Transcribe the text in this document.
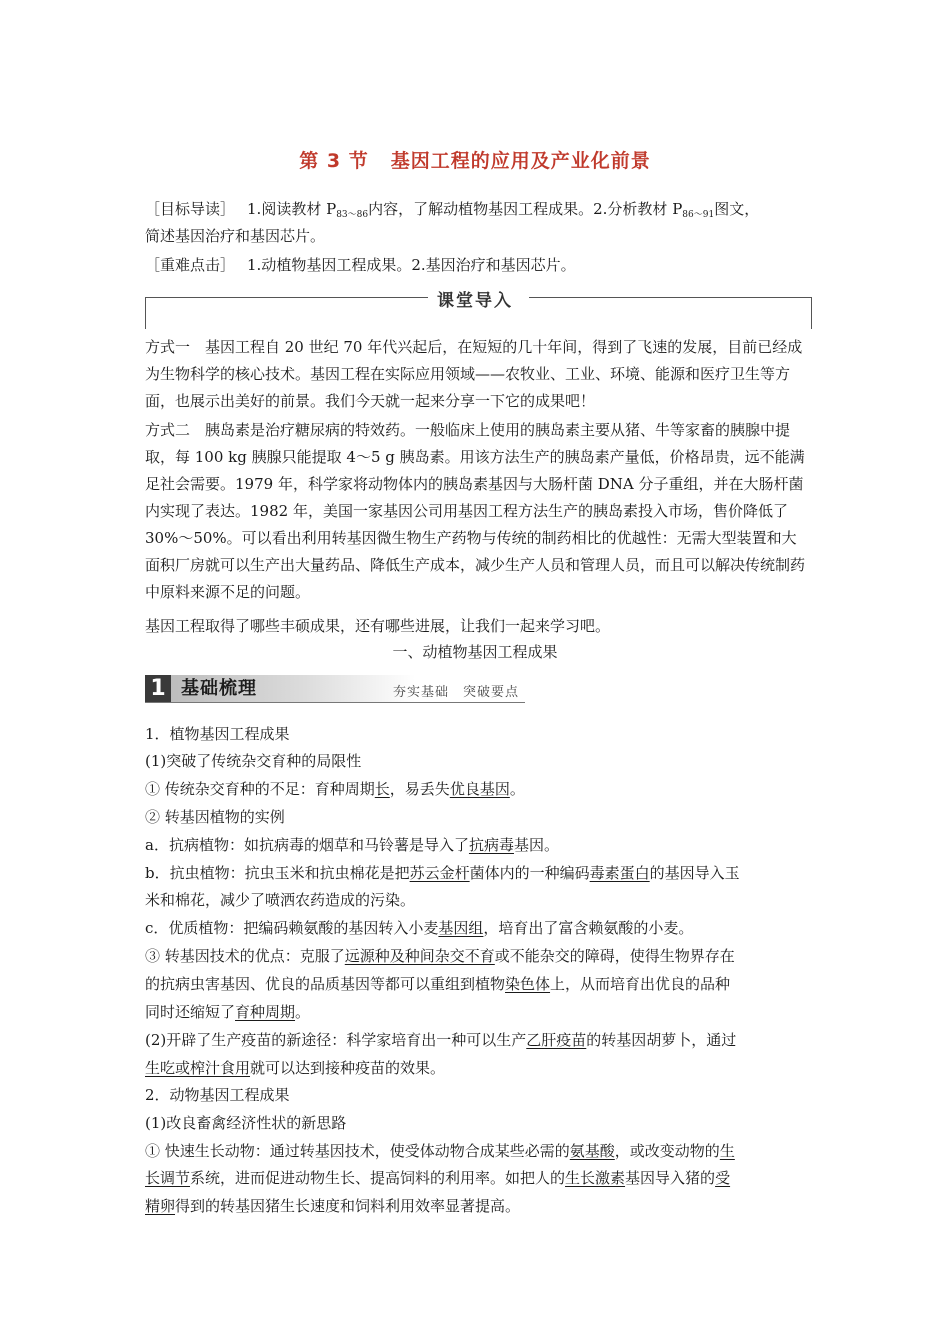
第 3 节 基因工程的应用及产业化前景
［目标导读］ 1.阅读教材 $P_{83\sim 86}$内容，了解动植物基因工程成果。2.分析教材 $P_{86\sim 91}$图文，
简述基因治疗和基因芯片。
［重难点击］ 1.动植物基因工程成果。2.基因治疗和基因芯片。
课堂导入
方式一　基因工程自 20 世纪 70 年代兴起后，在短短的几十年间，得到了飞速的发展，目前已经成为生物科学的核心技术。基因工程在实际应用领域——农牧业、工业、环境、能源和医疗卫生等方面，也展示出美好的前景。我们今天就一起来分享一下它的成果吧！
方式二　胰岛素是治疗糖尿病的特效药。一般临床上使用的胰岛素主要从猪、牛等家畜的胰腺中提取，每 100 kg 胰腺只能提取 4～5 g 胰岛素。用该方法生产的胰岛素产量低，价格昂贵，远不能满足社会需要。1979 年，科学家将动物体内的胰岛素基因与大肠杆菌 DNA 分子重组，并在大肠杆菌内实现了表达。1982 年，美国一家基因公司用基因工程方法生产的胰岛素投入市场，售价降低了 30%～50%。可以看出利用转基因微生物生产药物与传统的制药相比的优越性：无需大型装置和大面积厂房就可以生产出大量药品、降低生产成本，减少生产人员和管理人员，而且可以解决传统制药中原料来源不足的问题。
基因工程取得了哪些丰硕成果，还有哪些进展，让我们一起来学习吧。
一、动植物基因工程成果
1 基础梳理	夯实基础　突破要点
1．植物基因工程成果
(1)突破了传统杂交育种的局限性
① 传统杂交育种的不足：育种周期长，易丢失优良基因。
② 转基因植物的实例
a．抗病植物：如抗病毒的烟草和马铃薯是导入了抗病毒基因。
b．抗虫植物：抗虫玉米和抗虫棉花是把苏云金杆菌体内的一种编码毒素蛋白的基因导入玉
米和棉花，减少了喷洒农药造成的污染。
c．优质植物：把编码赖氨酸的基因转入小麦基因组，培育出了富含赖氨酸的小麦。
③ 转基因技术的优点：克服了远源种及种间杂交不育或不能杂交的障碍，使得生物界存在
的抗病虫害基因、优良的品质基因等都可以重组到植物染色体上，从而培育出优良的品种
同时还缩短了育种周期。
(2)开辟了生产疫苗的新途径：科学家培育出一种可以生产乙肝疫苗的转基因胡萝卜，通过
生吃或榨汁食用就可以达到接种疫苗的效果。
2．动物基因工程成果
(1)改良畜禽经济性状的新思路
① 快速生长动物：通过转基因技术，使受体动物合成某些必需的氨基酸，或改变动物的生
长调节系统，进而促进动物生长、提高饲料的利用率。如把人的生长激素基因导入猪的受
精卵得到的转基因猪生长速度和饲料利用效率显著提高。
